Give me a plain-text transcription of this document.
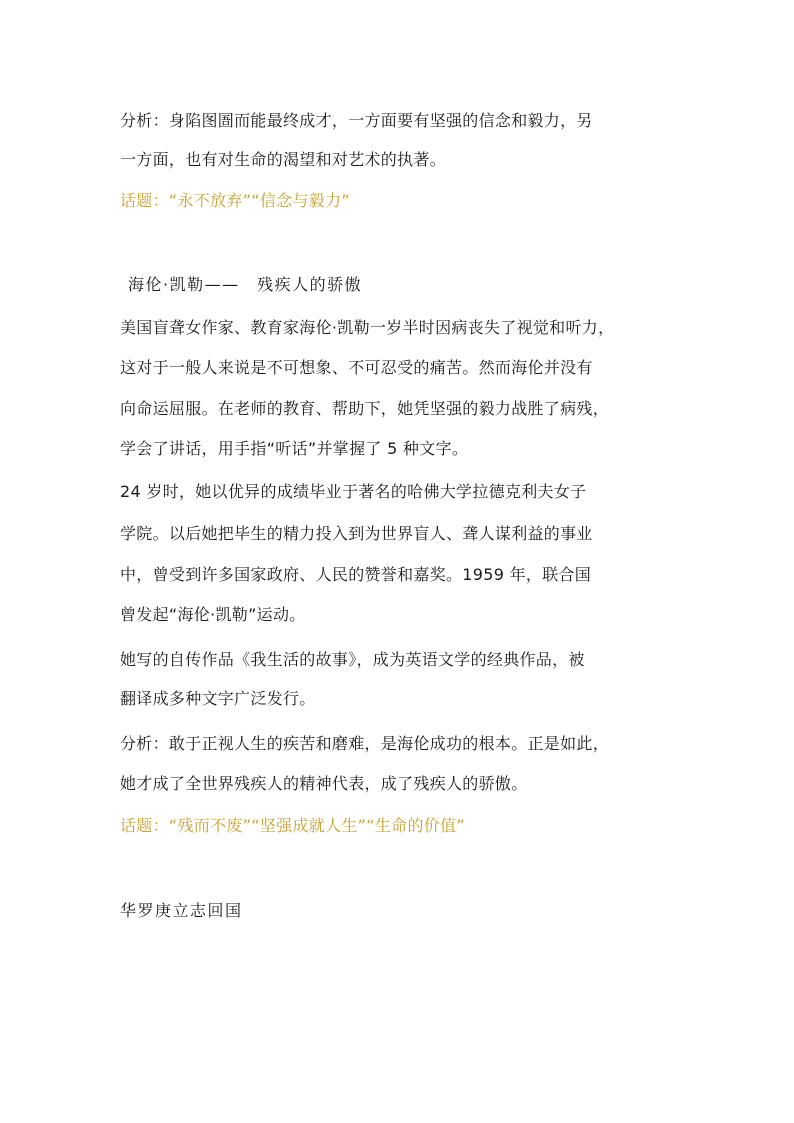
分析：身陷图圄而能最终成才，一方面要有坚强的信念和毅力，另
一方面，也有对生命的渴望和对艺术的执著。
话题：“永不放弃”“信念与毅力”
海伦·凯勒——　残疾人的骄傲
美国盲聋女作家、教育家海伦·凯勒一岁半时因病丧失了视觉和听力，
这对于一般人来说是不可想象、不可忍受的痛苦。然而海伦并没有
向命运屈服。在老师的教育、帮助下，她凭坚强的毅力战胜了病残，
学会了讲话，用手指“听话”并掌握了 5 种文字。
24 岁时，她以优异的成绩毕业于著名的哈佛大学拉德克利夫女子
学院。以后她把毕生的精力投入到为世界盲人、聋人谋利益的事业
中，曾受到许多国家政府、人民的赞誉和嘉奖。1959 年，联合国
曾发起“海伦·凯勒”运动。
她写的自传作品《我生活的故事》，成为英语文学的经典作品，被
翻译成多种文字广泛发行。
分析：敢于正视人生的疾苦和磨难，是海伦成功的根本。正是如此，
她才成了全世界残疾人的精神代表，成了残疾人的骄傲。
话题：“残而不废”“坚强成就人生”“生命的价值”
华罗庚立志回国
